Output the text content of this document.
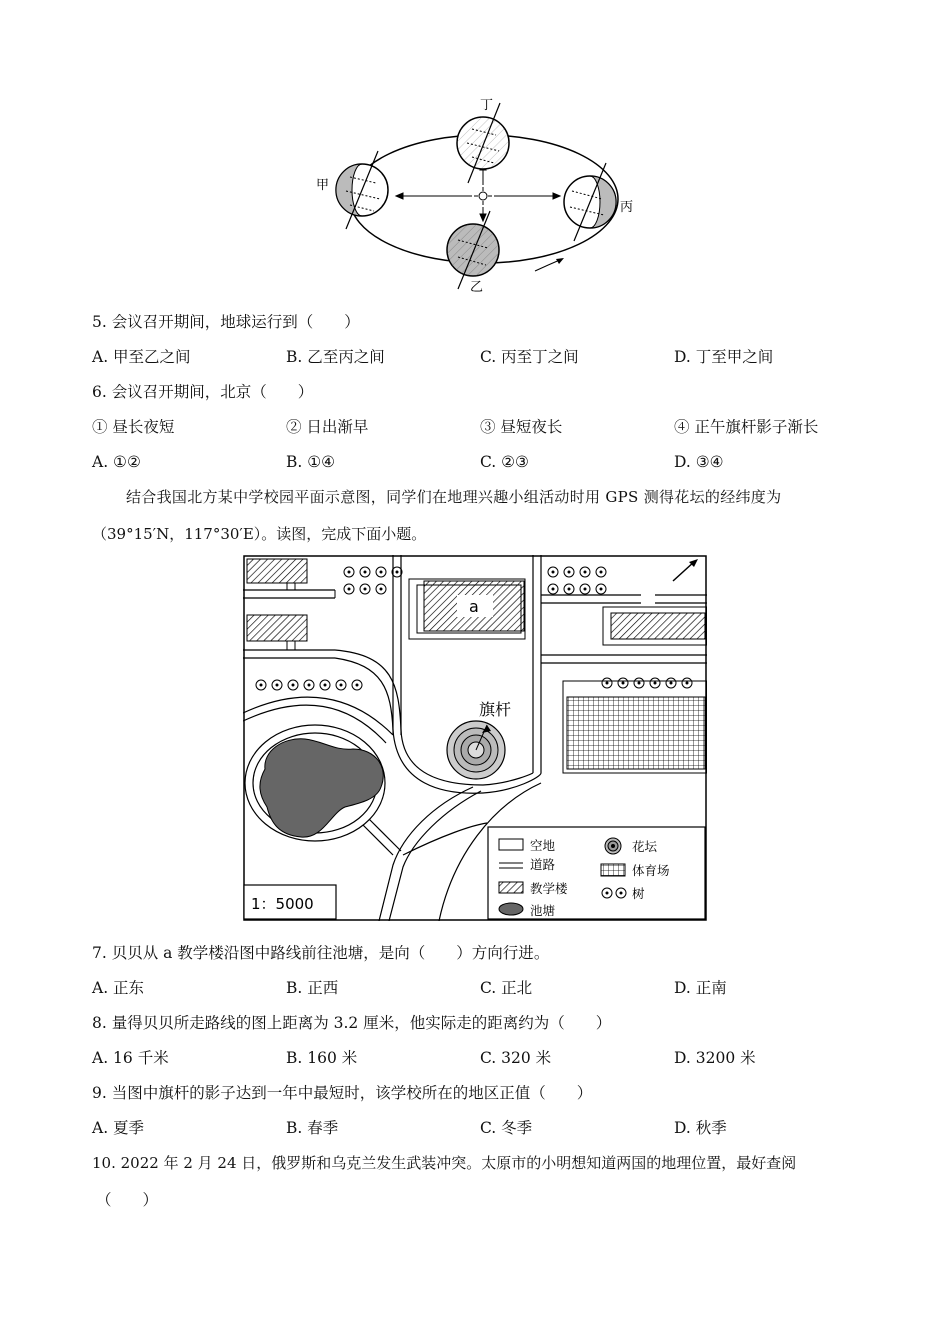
甲
乙
丙
丁
5. 会议召开期间，地球运行到（　　）
A. 甲至乙之间	B. 乙至丙之间	C. 丙至丁之间	D. 丁至甲之间
6. 会议召开期间，北京（　　）
① 昼长夜短	② 日出渐早	③ 昼短夜长	④ 正午旗杆影子渐长
A. ①②	B. ①④	C. ②③	D. ③④
结合我国北方某中学校园平面示意图，同学们在地理兴趣小组活动时用 GPS 测得花坛的经纬度为
（39°15′N，117°30′E）。读图，完成下面小题。
a
旗杆
1：5000
空地
道路
教学楼
池塘
花坛
体育场
树
7. 贝贝从 a 教学楼沿图中路线前往池塘，是向（　　）方向行进。
A. 正东	B. 正西	C. 正北	D. 正南
8. 量得贝贝所走路线的图上距离为 3.2 厘米，他实际走的距离约为（　　）
A. 16 千米	B. 160 米	C. 320 米	D. 3200 米
9. 当图中旗杆的影子达到一年中最短时，该学校所在的地区正值（　　）
A. 夏季	B. 春季	C. 冬季	D. 秋季
10. 2022 年 2 月 24 日，俄罗斯和乌克兰发生武装冲突。太原市的小明想知道两国的地理位置，最好查阅
（　　）
